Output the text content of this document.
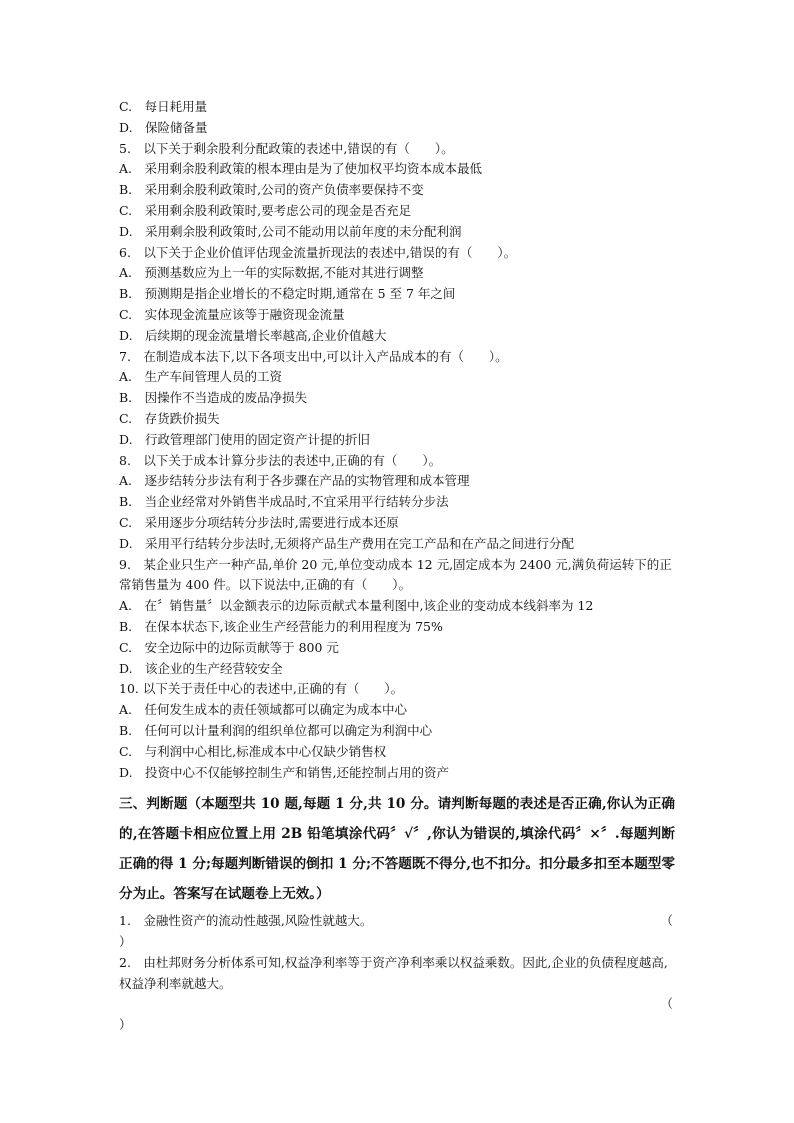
C.　每日耗用量
D.　保险储备量
5.　以下关于剩余股利分配政策的表述中,错误的有（　　）。
A.　采用剩余股利政策的根本理由是为了使加权平均资本成本最低
B.　采用剩余股利政策时,公司的资产负债率要保持不变
C.　采用剩余股利政策时,要考虑公司的现金是否充足
D.　采用剩余股利政策时,公司不能动用以前年度的未分配利润
6.　以下关于企业价值评估现金流量折现法的表述中,错误的有（　　）。
A.　预测基数应为上一年的实际数据,不能对其进行调整
B.　预测期是指企业增长的不稳定时期,通常在 5 至 7 年之间
C.　实体现金流量应该等于融资现金流量
D.　后续期的现金流量增长率越高,企业价值越大
7.　在制造成本法下,以下各项支出中,可以计入产品成本的有（　　）。
A.　生产车间管理人员的工资
B.　因操作不当造成的废品净损失
C.　存货跌价损失
D.　行政管理部门使用的固定资产计提的折旧
8.　以下关于成本计算分步法的表述中,正确的有（　　）。
A.　逐步结转分步法有利于各步骤在产品的实物管理和成本管理
B.　当企业经常对外销售半成品时,不宜采用平行结转分步法
C.　采用逐步分项结转分步法时,需要进行成本还原
D.　采用平行结转分步法时,无须将产品生产费用在完工产品和在产品之间进行分配
9.　某企业只生产一种产品,单价 20 元,单位变动成本 12 元,固定成本为 2400 元,满负荷运转下的正常销售量为 400 件。以下说法中,正确的有（　　）。
A.　在〞销售量〞以金额表示的边际贡献式本量利图中,该企业的变动成本线斜率为 12
B.　在保本状态下,该企业生产经营能力的利用程度为 75%
C.　安全边际中的边际贡献等于 800 元
D.　该企业的生产经营较安全
10. 以下关于责任中心的表述中,正确的有（　　）。
A.　任何发生成本的责任领域都可以确定为成本中心
B.　任何可以计量利润的组织单位都可以确定为利润中心
C.　与利润中心相比,标准成本中心仅缺少销售权
D.　投资中心不仅能够控制生产和销售,还能控制占用的资产
三、判断题（本题型共 10 题,每题 1 分,共 10 分。请判断每题的表述是否正确,你认为正确的,在答题卡相应位置上用 2B 铅笔填涂代码〞√〞,你认为错误的,填涂代码〞×〞.每题判断正确的得 1 分;每题判断错误的倒扣 1 分;不答题既不得分,也不扣分。扣分最多扣至本题型零分为止。答案写在试题卷上无效。）
1.　金融性资产的流动性越强,风险性就越大。	（
）
2.　由杜邦财务分析体系可知,权益净利率等于资产净利率乘以权益乘数。因此,企业的负债程度越高,权益净利率就越大。
（
）
